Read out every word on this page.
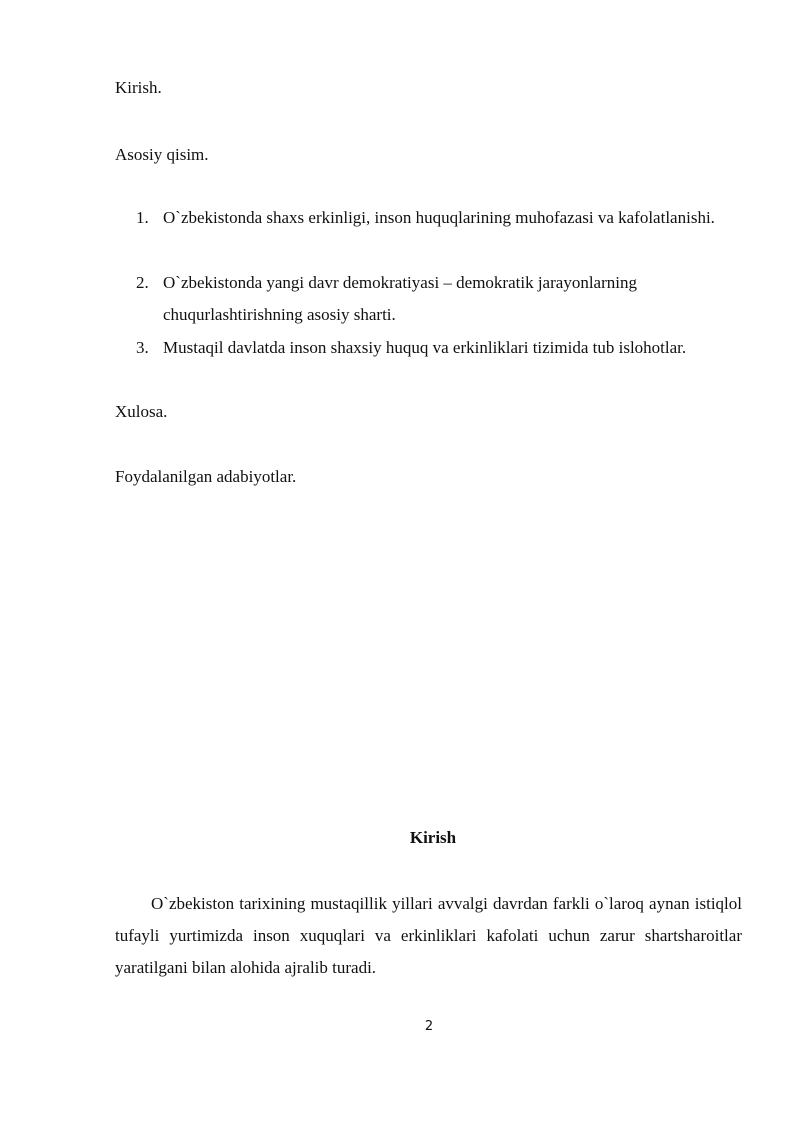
Kirish.
Asosiy qisim.
1. O`zbekistonda shaxs erkinligi, inson huquqlarining muhofazasi va kafolatlanishi.
2. O`zbekistonda yangi davr demokratiyasi – demokratik jarayonlarning chuqurlashtirishning asosiy sharti.
3. Mustaqil davlatda inson shaxsiy huquq va erkinliklari tizimida tub islohotlar.
Xulosa.
Foydalanilgan adabiyotlar.
Kirish
O`zbekiston tarixining mustaqillik yillari avvalgi davrdan farkli o`laroq aynan istiqlol tufayli yurtimizda inson xuquqlari va erkinliklari kafolati uchun zarur shartsharoitlar yaratilgani bilan alohida ajralib turadi.
2
